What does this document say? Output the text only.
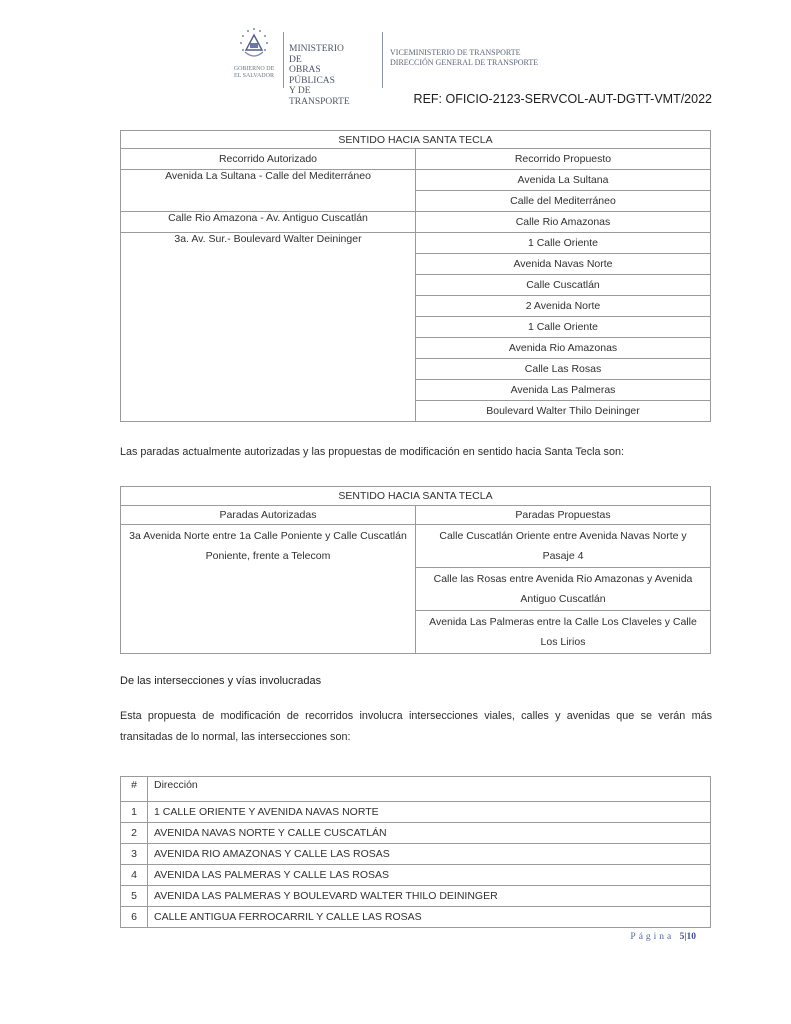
GOBIERNO DE
EL SALVADOR
MINISTERIO DE
OBRAS PÚBLICAS
Y DE TRANSPORTE
VICEMINISTERIO DE TRANSPORTE
DIRECCIÓN GENERAL DE TRANSPORTE
REF: OFICIO-2123-SERVCOL-AUT-DGTT-VMT/2022
SENTIDO HACIA SANTA TECLA	
Recorrido Autorizado	Recorrido Propuesto
Avenida La Sultana - Calle del Mediterráneo	Avenida La Sultana
	Calle del Mediterráneo
Calle Rio Amazona - Av. Antiguo Cuscatlán	Calle Rio Amazonas
3a. Av. Sur.- Boulevard Walter Deininger	1 Calle Oriente
	Avenida Navas Norte
	Calle Cuscatlán
	2 Avenida Norte
	1 Calle Oriente
	Avenida Rio Amazonas
	Calle Las Rosas
	Avenida Las Palmeras
	Boulevard Walter Thilo Deininger
Las paradas actualmente autorizadas y las propuestas de modificación en sentido hacia Santa Tecla son:
SENTIDO HACIA SANTA TECLA	
Paradas Autorizadas	Paradas Propuestas
3a Avenida Norte entre 1a Calle Poniente y Calle Cuscatlán Poniente, frente a Telecom	Calle Cuscatlán Oriente entre Avenida Navas Norte y Pasaje 4
	Calle las Rosas entre Avenida Rio Amazonas y Avenida Antiguo Cuscatlán
	Avenida Las Palmeras entre la Calle Los Claveles y Calle Los Lirios
De las intersecciones y vías involucradas
Esta propuesta de modificación de recorridos involucra intersecciones viales, calles y avenidas que se verán más transitadas de lo normal, las intersecciones son:
#	Dirección
1	1 CALLE ORIENTE Y AVENIDA NAVAS NORTE
2	AVENIDA NAVAS NORTE Y CALLE CUSCATLÁN
3	AVENIDA RIO AMAZONAS Y CALLE LAS ROSAS
4	AVENIDA LAS PALMERAS Y CALLE LAS ROSAS
5	AVENIDA LAS PALMERAS Y BOULEVARD WALTER THILO DEININGER
6	CALLE ANTIGUA FERROCARRIL Y CALLE LAS ROSAS
Página 5|10
